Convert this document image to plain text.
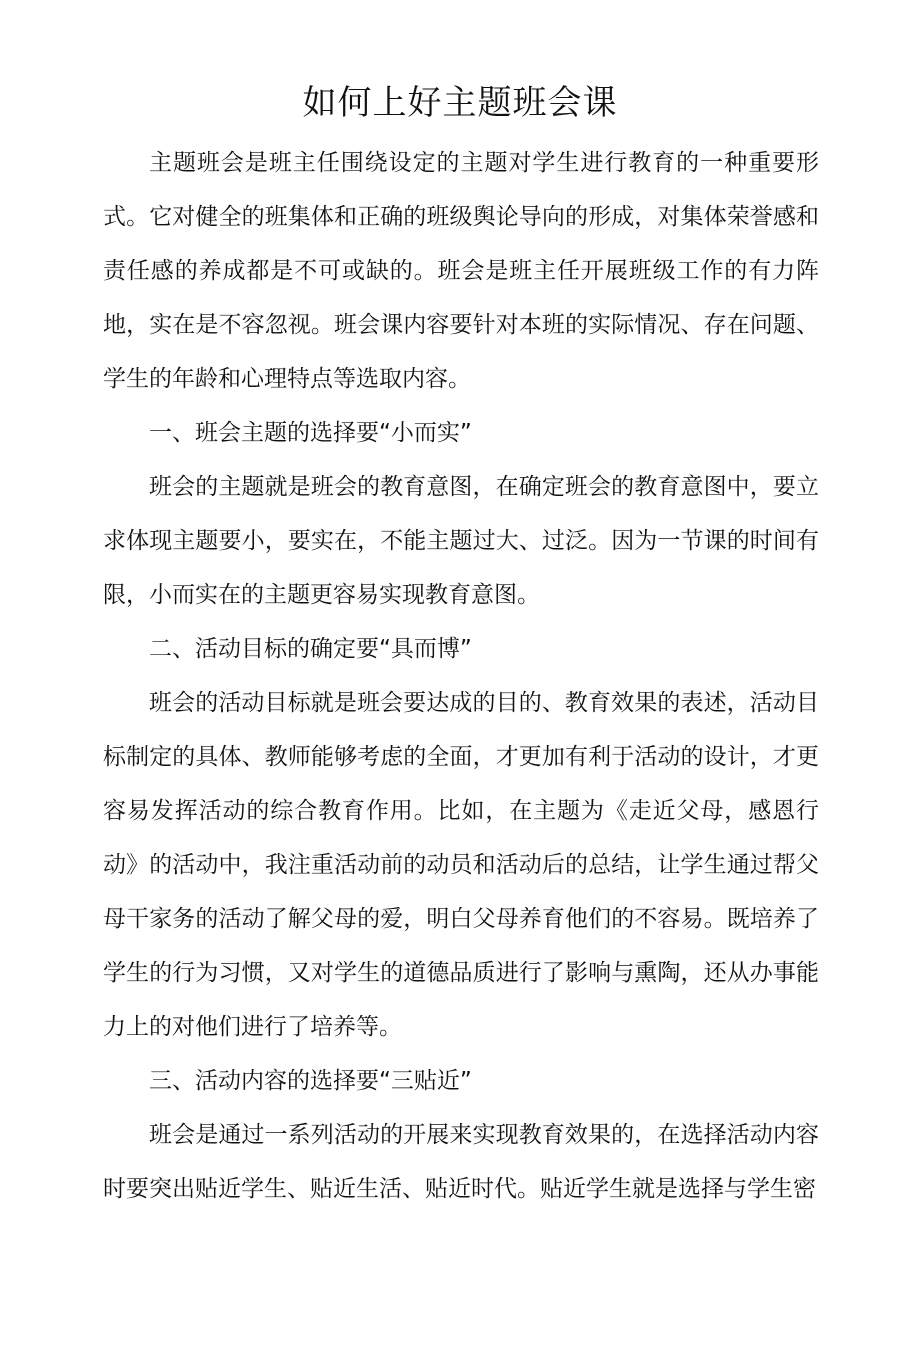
如何上好主题班会课

主题班会是班主任围绕设定的主题对学生进行教育的一种重要形式。它对健全的班集体和正确的班级舆论导向的形成，对集体荣誉感和责任感的养成都是不可或缺的。班会是班主任开展班级工作的有力阵地，实在是不容忽视。班会课内容要针对本班的实际情况、存在问题、学生的年龄和心理特点等选取内容。

一、班会主题的选择要“小而实”

班会的主题就是班会的教育意图，在确定班会的教育意图中，要立求体现主题要小，要实在，不能主题过大、过泛。因为一节课的时间有限，小而实在的主题更容易实现教育意图。

二、活动目标的确定要“具而博”

班会的活动目标就是班会要达成的目的、教育效果的表述，活动目标制定的具体、教师能够考虑的全面，才更加有利于活动的设计，才更容易发挥活动的综合教育作用。比如，在主题为《走近父母，感恩行动》的活动中，我注重活动前的动员和活动后的总结，让学生通过帮父母干家务的活动了解父母的爱，明白父母养育他们的不容易。既培养了学生的行为习惯，又对学生的道德品质进行了影响与熏陶，还从办事能力上的对他们进行了培养等。

三、活动内容的选择要“三贴近”

班会是通过一系列活动的开展来实现教育效果的，在选择活动内容时要突出贴近学生、贴近生活、贴近时代。贴近学生就是选择与学生密
